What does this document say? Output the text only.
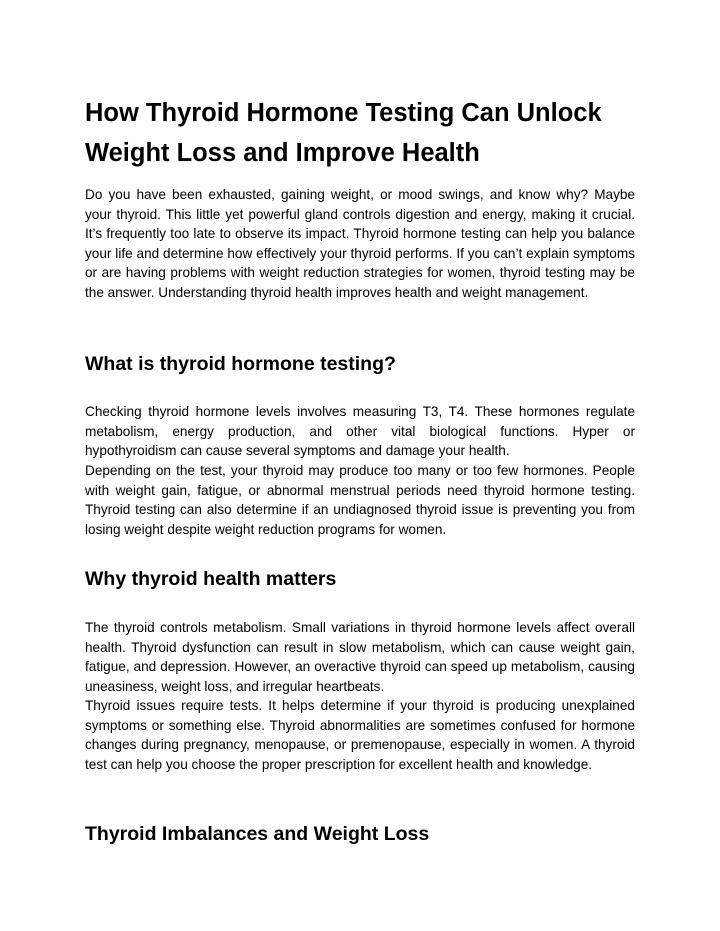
How Thyroid Hormone Testing Can Unlock Weight Loss and Improve Health

Do you have been exhausted, gaining weight, or mood swings, and know why? Maybe your thyroid. This little yet powerful gland controls digestion and energy, making it crucial. It’s frequently too late to observe its impact. Thyroid hormone testing can help you balance your life and determine how effectively your thyroid performs. If you can’t explain symptoms or are having problems with weight reduction strategies for women, thyroid testing may be the answer. Understanding thyroid health improves health and weight management.

What is thyroid hormone testing?

Checking thyroid hormone levels involves measuring T3, T4. These hormones regulate metabolism, energy production, and other vital biological functions. Hyper or hypothyroidism can cause several symptoms and damage your health.

Depending on the test, your thyroid may produce too many or too few hormones. People with weight gain, fatigue, or abnormal menstrual periods need thyroid hormone testing. Thyroid testing can also determine if an undiagnosed thyroid issue is preventing you from losing weight despite weight reduction programs for women.

Why thyroid health matters

The thyroid controls metabolism. Small variations in thyroid hormone levels affect overall health. Thyroid dysfunction can result in slow metabolism, which can cause weight gain, fatigue, and depression. However, an overactive thyroid can speed up metabolism, causing uneasiness, weight loss, and irregular heartbeats.

Thyroid issues require tests. It helps determine if your thyroid is producing unexplained symptoms or something else. Thyroid abnormalities are sometimes confused for hormone changes during pregnancy, menopause, or premenopause, especially in women. A thyroid test can help you choose the proper prescription for excellent health and knowledge.

Thyroid Imbalances and Weight Loss
